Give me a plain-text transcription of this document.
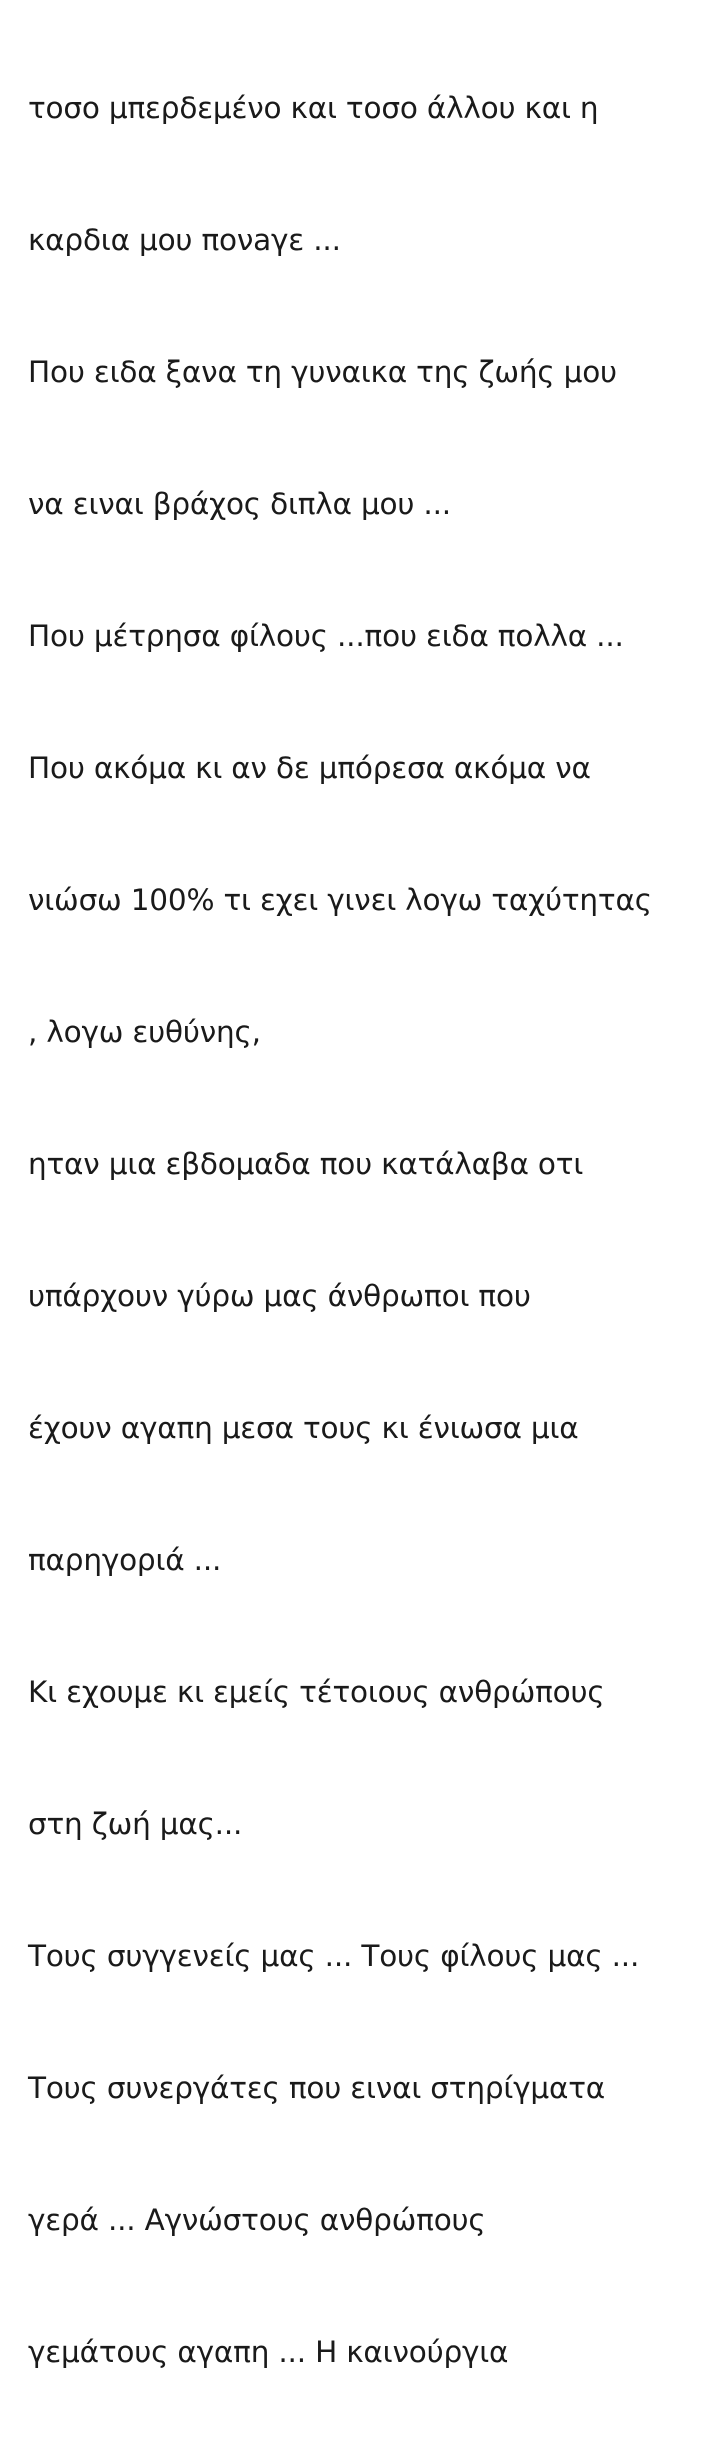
τοσο μπερδεμένο και τοσο άλλου και η

καρδια μου πονaγε ...

Που ειδα ξανα τη γυναικα της ζωής μου

να ειναι βράχος διπλα μου ...

Που μέτρησα φίλους ...που ειδα πολλα ...

Που ακόμα κι αν δε μπόρεσα ακόμα να

νιώσω 100% τι εχει γινει λογω ταχύτητας

, λογω ευθύνης,

ηταν μια εβδομαδα που κατάλαβα οτι

υπάρχουν γύρω μας άνθρωποι που

έχουν αγαπη μεσα τους κι ένιωσα μια

παρηγοριά ...

Κι εχουμε κι εμείς τέτοιους ανθρώπους

στη ζωή μας...

Τους συγγενείς μας ... Τους φίλους μας ...

Τους συνεργάτες που ειναι στηρίγματα

γερά ... Αγνώστους ανθρώπους

γεμάτους αγαπη ... Η καινούργια
